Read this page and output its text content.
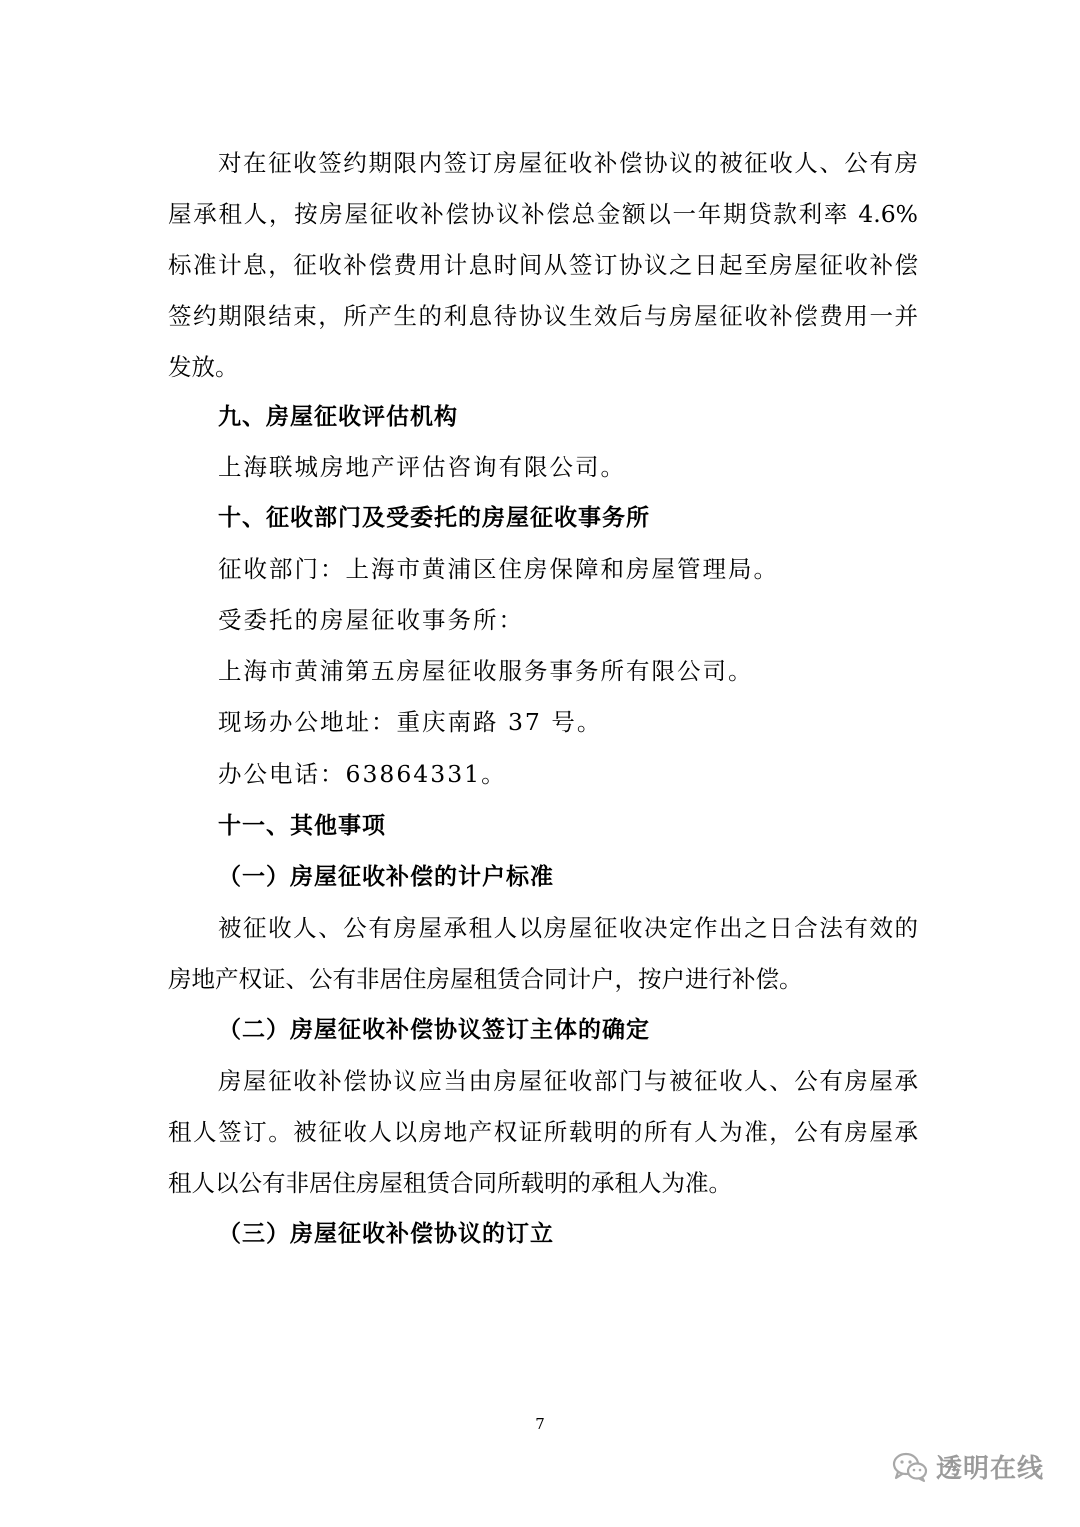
对在征收签约期限内签订房屋征收补偿协议的被征收人、公有房
屋承租人，按房屋征收补偿协议补偿总金额以一年期贷款利率 4.6%
标准计息，征收补偿费用计息时间从签订协议之日起至房屋征收补偿
签约期限结束，所产生的利息待协议生效后与房屋征收补偿费用一并
发放。
九、房屋征收评估机构
上海联城房地产评估咨询有限公司。
十、征收部门及受委托的房屋征收事务所
征收部门：上海市黄浦区住房保障和房屋管理局。
受委托的房屋征收事务所：
上海市黄浦第五房屋征收服务事务所有限公司。
现场办公地址：重庆南路 37 号。
办公电话：63864331。
十一、其他事项
（一）房屋征收补偿的计户标准
被征收人、公有房屋承租人以房屋征收决定作出之日合法有效的
房地产权证、公有非居住房屋租赁合同计户，按户进行补偿。
（二）房屋征收补偿协议签订主体的确定
房屋征收补偿协议应当由房屋征收部门与被征收人、公有房屋承
租人签订。被征收人以房地产权证所载明的所有人为准，公有房屋承
租人以公有非居住房屋租赁合同所载明的承租人为准。
（三）房屋征收补偿协议的订立
7
透明在线
